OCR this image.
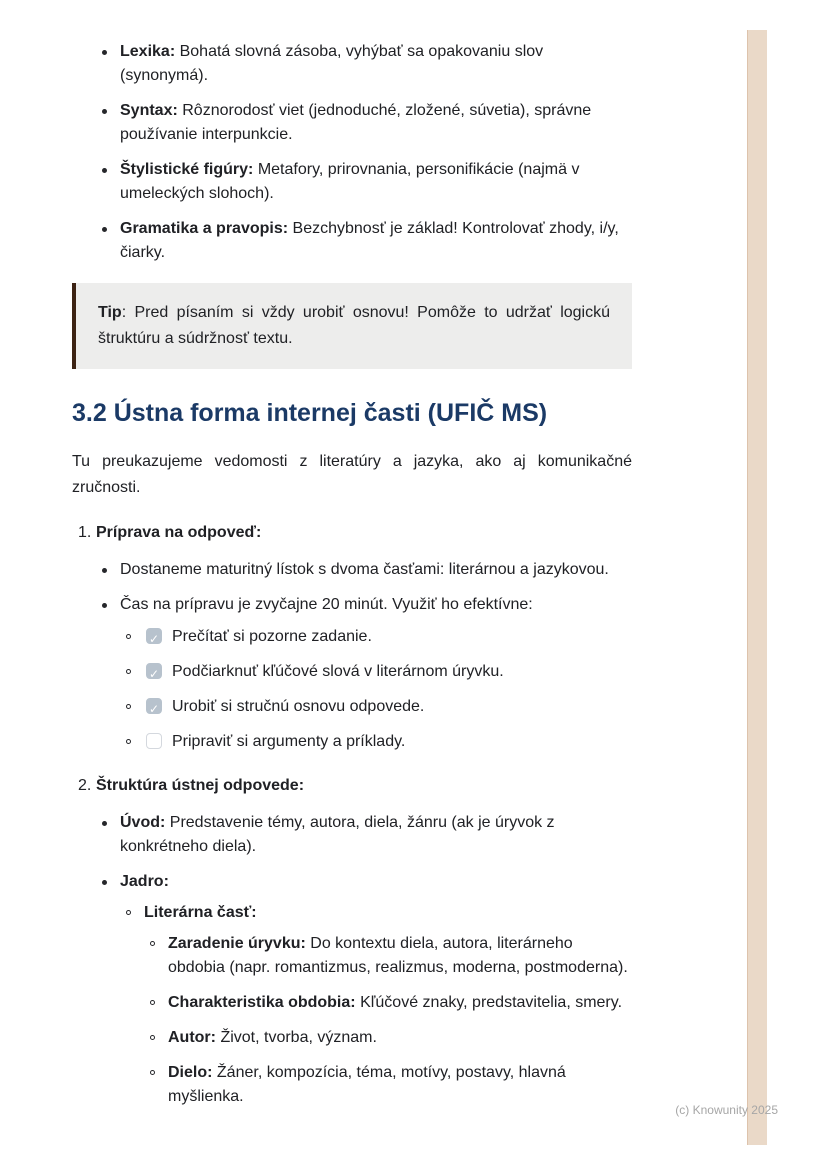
Lexika: Bohatá slovná zásoba, vyhýbať sa opakovaniu slov (synonymá).
Syntax: Rôznorodosť viet (jednoduché, zložené, súvetia), správne používanie interpunkcie.
Štylistické figúry: Metafory, prirovnania, personifikácie (najmä v umeleckých slohoch).
Gramatika a pravopis: Bezchybnosť je základ! Kontrolovať zhody, i/y, čiarky.

Tip: Pred písaním si vždy urobiť osnovu! Pomôže to udržať logickú štruktúru a súdržnosť textu.

3.2 Ústna forma internej časti (UFIČ MS)

Tu preukazujeme vedomosti z literatúry a jazyka, ako aj komunikačné zručnosti.

1. Príprava na odpoveď:
Dostaneme maturitný lístok s dvoma časťami: literárnou a jazykovou.
Čas na prípravu je zvyčajne 20 minút. Využiť ho efektívne:
✓
Prečítať si pozorne zadanie.
✓
Podčiarknuť kľúčové slová v literárnom úryvku.
✓
Urobiť si stručnú osnovu odpovede.
Pripraviť si argumenty a príklady.
2. Štruktúra ústnej odpovede:
Úvod: Predstavenie témy, autora, diela, žánru (ak je úryvok z konkrétneho diela).
Jadro:
Literárna časť:
Zaradenie úryvku: Do kontextu diela, autora, literárneho obdobia (napr. romantizmus, realizmus, moderna, postmoderna).
Charakteristika obdobia: Kľúčové znaky, predstavitelia, smery.
Autor: Život, tvorba, význam.
Dielo: Žáner, kompozícia, téma, motívy, postavy, hlavná myšlienka.
(c) Knowunity 2025
